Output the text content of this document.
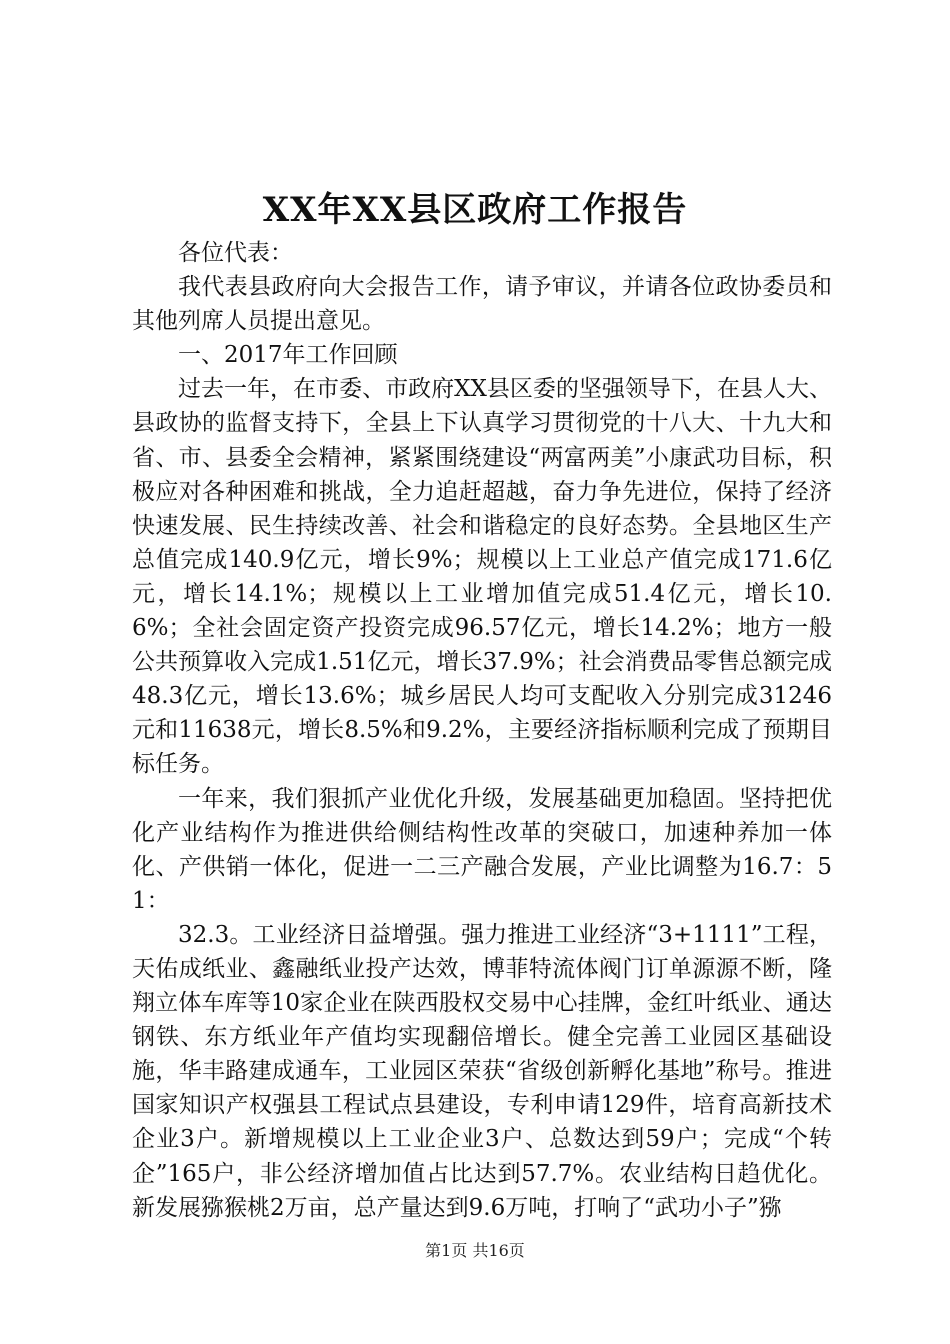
XX年XX县区政府工作报告

各位代表：

我代表县政府向大会报告工作，请予审议，并请各位政协委员和其他列席人员提出意见。

一、2017年工作回顾

过去一年，在市委、市政府XX县区委的坚强领导下，在县人大、县政协的监督支持下，全县上下认真学习贯彻党的十八大、十九大和省、市、县委全会精神，紧紧围绕建设“两富两美”小康武功目标，积极应对各种困难和挑战，全力追赶超越，奋力争先进位，保持了经济快速发展、民生持续改善、社会和谐稳定的良好态势。全县地区生产总值完成140.9亿元，增长9%；规模以上工业总产值完成171.6亿元，增长14.1%；规模以上工业增加值完成51.4亿元，增长10.6%；全社会固定资产投资完成96.57亿元，增长14.2%；地方一般公共预算收入完成1.51亿元，增长37.9%；社会消费品零售总额完成48.3亿元，增长13.6%；城乡居民人均可支配收入分别完成31246元和11638元，增长8.5%和9.2%，主要经济指标顺利完成了预期目标任务。

一年来，我们狠抓产业优化升级，发展基础更加稳固。坚持把优化产业结构作为推进供给侧结构性改革的突破口，加速种养加一体化、产供销一体化，促进一二三产融合发展，产业比调整为16.7：51：

32.3。工业经济日益增强。强力推进工业经济“3+1111”工程，天佑成纸业、鑫融纸业投产达效，博菲特流体阀门订单源源不断，隆翔立体车库等10家企业在陕西股权交易中心挂牌，金红叶纸业、通达钢铁、东方纸业年产值均实现翻倍增长。健全完善工业园区基础设施，华丰路建成通车，工业园区荣获“省级创新孵化基地”称号。推进国家知识产权强县工程试点县建设，专利申请129件，培育高新技术企业3户。新增规模以上工业企业3户、总数达到59户；完成“个转企”165户，非公经济增加值占比达到57.7%。农业结构日趋优化。新发展猕猴桃2万亩，总产量达到9.6万吨，打响了“武功小子”猕

第1页 共16页
